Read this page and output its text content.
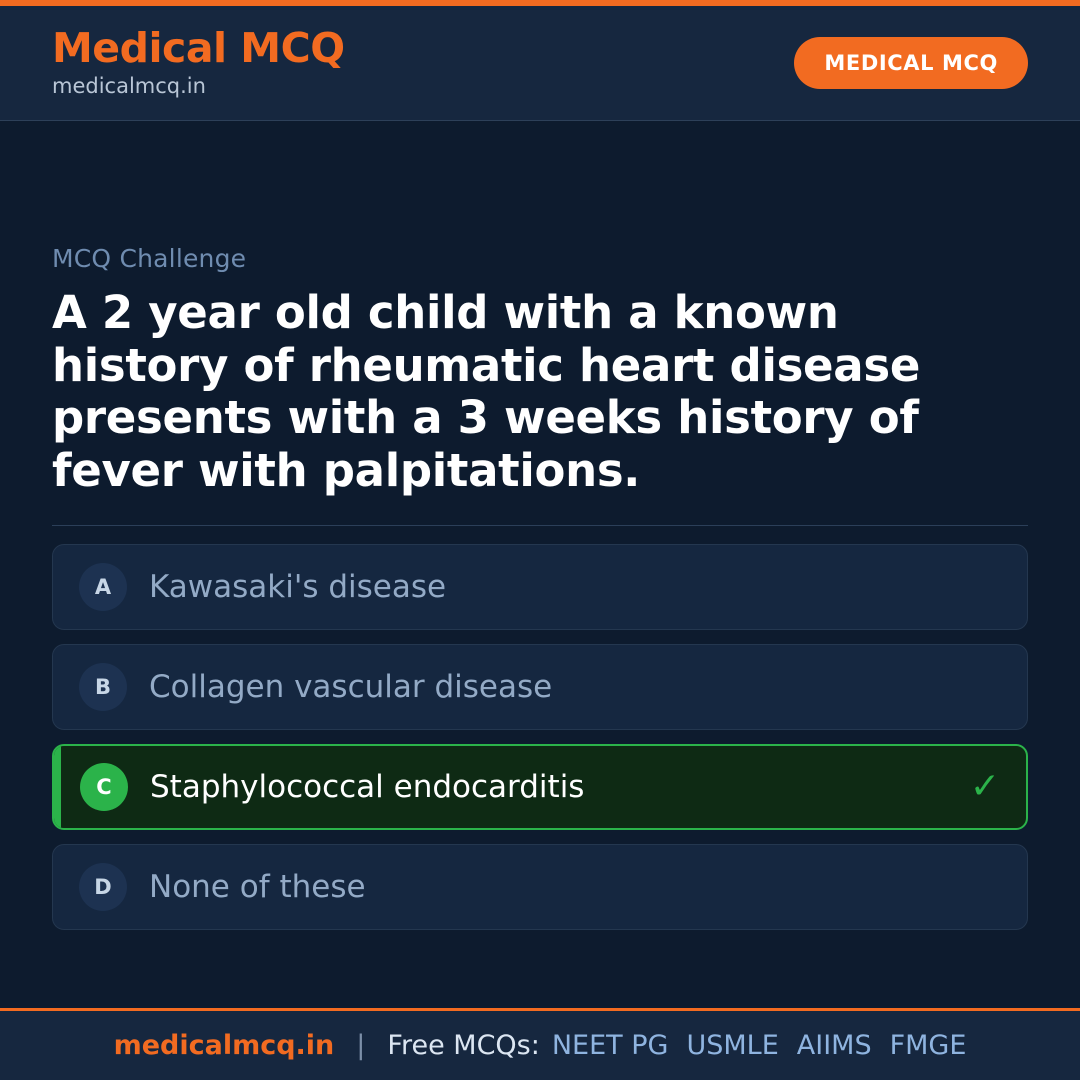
Medical MCQ
medicalmcq.in
MEDICAL MCQ
MCQ Challenge
A 2 year old child with a known history of rheumatic heart disease presents with a 3 weeks history of fever with palpitations.
A	Kawasaki's disease
B	Collagen vascular disease
C	Staphylococcal endocarditis	✓
D	None of these
medicalmcq.in | Free MCQs: NEET PG USMLE AIIMS FMGE
